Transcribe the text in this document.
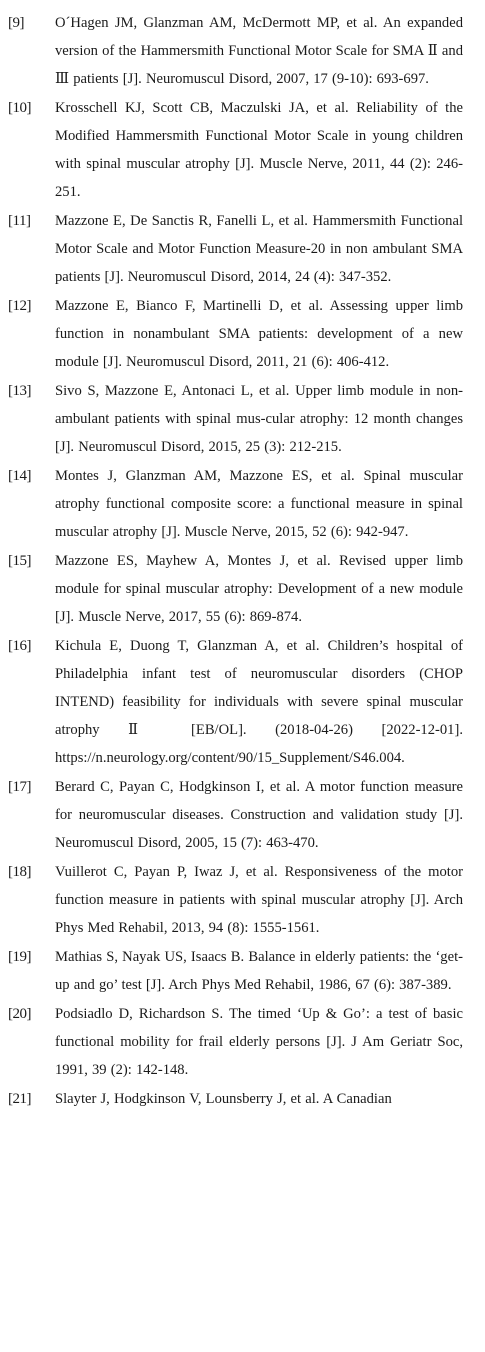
[9]	O´Hagen JM, Glanzman AM, McDermott MP, et al. An expanded version of the Hammersmith Functional Motor Scale for SMA Ⅱ and Ⅲ patients [J]. Neuromuscul Disord, 2007, 17 (9-10): 693-697.
[10]	Krosschell KJ, Scott CB, Maczulski JA, et al. Reliability of the Modified Hammersmith Functional Motor Scale in young children with spinal muscular atrophy [J]. Muscle Nerve, 2011, 44 (2): 246-251.
[11]	Mazzone E, De Sanctis R, Fanelli L, et al. Hammersmith Functional Motor Scale and Motor Function Measure-20 in non ambulant SMA patients [J]. Neuromuscul Disord, 2014, 24 (4): 347-352.
[12]	Mazzone E, Bianco F, Martinelli D, et al. Assessing upper limb function in nonambulant SMA patients: development of a new module [J]. Neuromuscul Disord, 2011, 21 (6): 406-412.
[13]	Sivo S, Mazzone E, Antonaci L, et al. Upper limb module in non-ambulant patients with spinal mus-cular atrophy: 12 month changes [J]. Neuromuscul Disord, 2015, 25 (3): 212-215.
[14]	Montes J, Glanzman AM, Mazzone ES, et al. Spinal muscular atrophy functional composite score: a functional measure in spinal muscular atrophy [J]. Muscle Nerve, 2015, 52 (6): 942-947.
[15]	Mazzone ES, Mayhew A, Montes J, et al. Revised upper limb module for spinal muscular atrophy: Development of a new module [J]. Muscle Nerve, 2017, 55 (6): 869-874.
[16]	Kichula E, Duong T, Glanzman A, et al. Children’s hospital of Philadelphia infant test of neuromuscular disorders (CHOP INTEND) feasibility for individuals with severe spinal muscular atrophy Ⅱ [EB/OL]. (2018-04-26) [2022-12-01]. https://n.neurology.org/content/90/15_Supplement/S46.004.
[17]	Berard C, Payan C, Hodgkinson I, et al. A motor function measure for neuromuscular diseases. Construction and validation study [J]. Neuromuscul Disord, 2005, 15 (7): 463-470.
[18]	Vuillerot C, Payan P, Iwaz J, et al. Responsiveness of the motor function measure in patients with spinal muscular atrophy [J]. Arch Phys Med Rehabil, 2013, 94 (8): 1555-1561.
[19]	Mathias S, Nayak US, Isaacs B. Balance in elderly patients: the ‘get-up and go’ test [J]. Arch Phys Med Rehabil, 1986, 67 (6): 387-389.
[20]	Podsiadlo D, Richardson S. The timed ‘Up & Go’: a test of basic functional mobility for frail elderly persons [J]. J Am Geriatr Soc, 1991, 39 (2): 142-148.
[21]	Slayter J, Hodgkinson V, Lounsberry J, et al. A Canadian
